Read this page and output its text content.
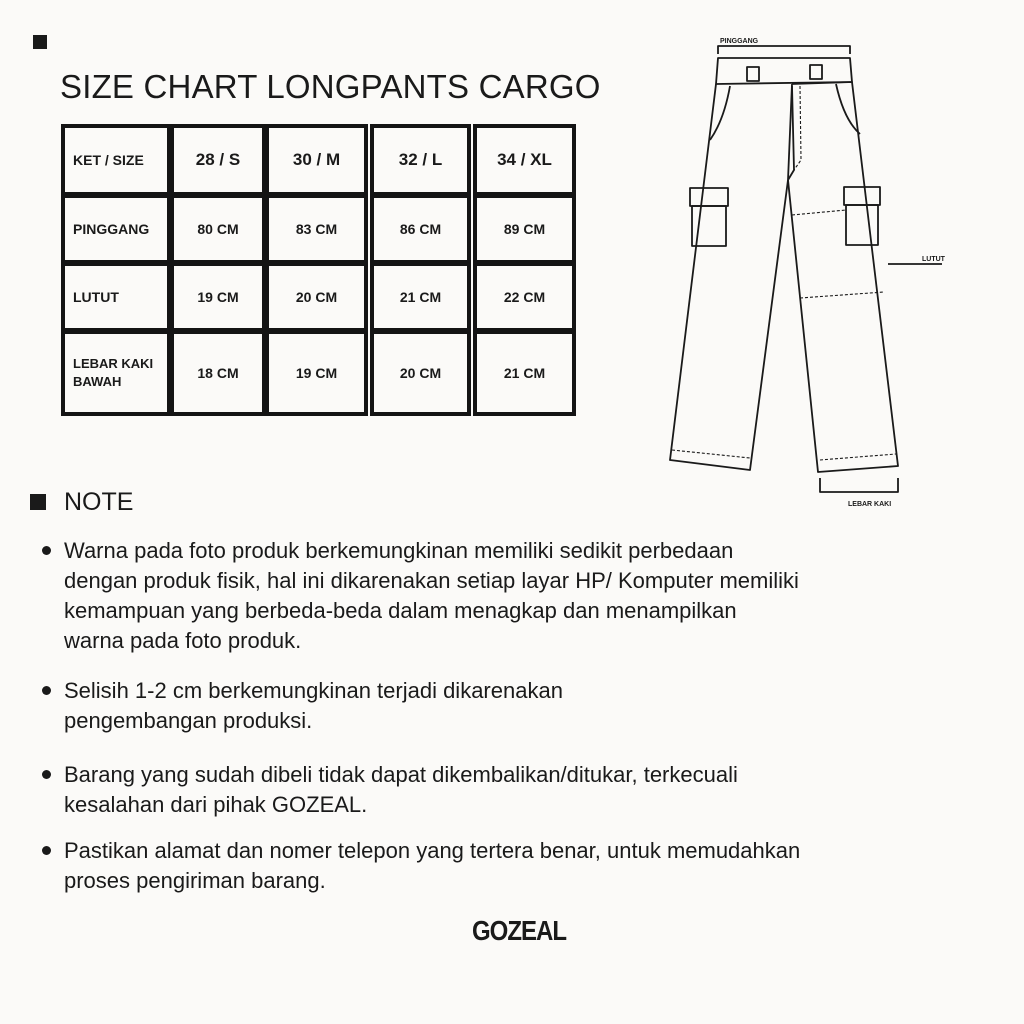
SIZE CHART LONGPANTS CARGO
KET / SIZE	28 / S	30 / M	32 / L	34 / XL
PINGGANG	80 CM	83 CM	86 CM	89 CM
LUTUT	19 CM	20 CM	21 CM	22 CM
LEBAR KAKI
BAWAH
18 CM	19 CM	20 CM	21 CM
PINGGANG
LUTUT
LEBAR KAKI
NOTE
Warna pada foto produk berkemungkinan memiliki sedikit perbedaan
dengan produk fisik, hal ini dikarenakan setiap layar HP/ Komputer memiliki
kemampuan yang berbeda-beda dalam menagkap dan menampilkan
warna pada foto produk.
Selisih 1-2 cm berkemungkinan terjadi dikarenakan
pengembangan produksi.
Barang yang sudah dibeli tidak dapat dikembalikan/ditukar, terkecuali
kesalahan dari pihak GOZEAL.
Pastikan alamat dan nomer telepon yang tertera benar, untuk memudahkan
proses pengiriman barang.
GOZEAL
